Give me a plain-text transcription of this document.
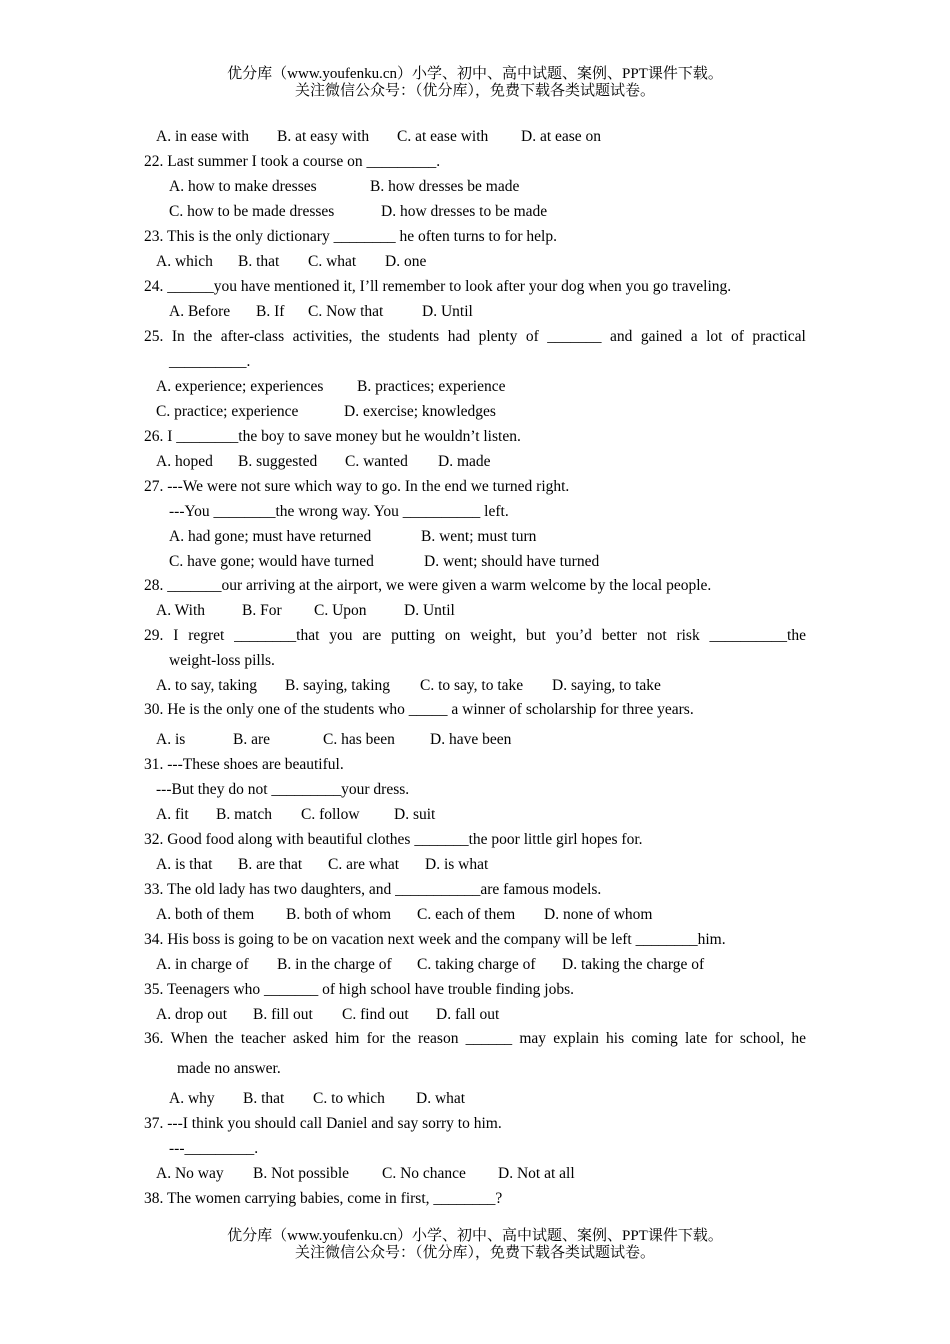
优分库（www.youfenku.cn）小学、初中、高中试题、案例、PPT课件下载。
关注微信公众号：（优分库），免费下载各类试题试卷。
A. in ease with B. at easy with C. at ease with D. at ease on
22. Last summer I took a course on _________.
A. how to make dresses	B. how dresses be made
C. how to be made dresses	D. how dresses to be made
23. This is the only dictionary ________ he often turns to for help.
A. which B. that C. what D. one
24. ______you have mentioned it, I’ll remember to look after your dog when you go traveling.
A. Before B. If C. Now that D. Until
25. In the after-class activities, the students had plenty of _______ and gained a lot of practical
__________.
A. experience; experiences B. practices; experience
C. practice; experience	D. exercise; knowledges
26. I ________the boy to save money but he wouldn’t listen.
A. hoped B. suggested C. wanted D. made
27. ---We were not sure which way to go. In the end we turned right.
---You ________the wrong way. You __________ left.
A. had gone; must have returned	B. went; must turn
C. have gone; would have turned	D. went; should have turned
28. _______our arriving at the airport, we were given a warm welcome by the local people.
A. With B. For C. Upon D. Until
29. I regret ________that you are putting on weight, but you’d better not risk __________the
weight-loss pills.
A. to say, taking B. saying, taking C. to say, to take D. saying, to take
30. He is the only one of the students who _____ a winner of scholarship for three years.
A. is	B. are	C. has been D. have been
31. ---These shoes are beautiful.
---But they do not _________your dress.
A. fit B. match C. follow D. suit
32. Good food along with beautiful clothes _______the poor little girl hopes for.
A. is that B. are that C. are what D. is what
33. The old lady has two daughters, and ___________are famous models.
A. both of them B. both of whom C. each of them D. none of whom
34. His boss is going to be on vacation next week and the company will be left ________him.
A. in charge of B. in the charge of C. taking charge of D. taking the charge of
35. Teenagers who _______ of high school have trouble finding jobs.
A. drop out B. fill out C. find out D. fall out
36. When the teacher asked him for the reason ______ may explain his coming late for school, he
made no answer.
A. why B. that C. to which D. what
37. ---I think you should call Daniel and say sorry to him.
---_________.
A. No way B. Not possible C. No chance D. Not at all
38. The women carrying babies, come in first, ________?
优分库（www.youfenku.cn）小学、初中、高中试题、案例、PPT课件下载。
关注微信公众号：（优分库），免费下载各类试题试卷。
